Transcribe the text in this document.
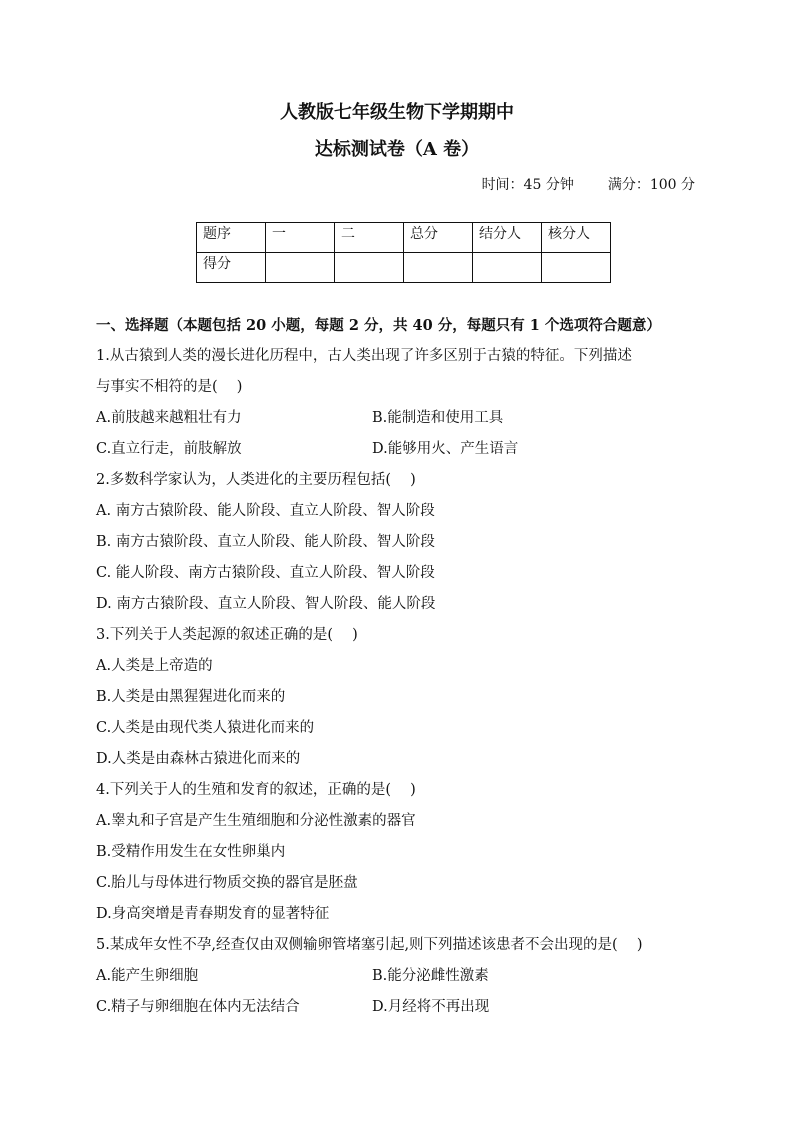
人教版七年级生物下学期期中
达标测试卷（A 卷）
时间：45 分钟 满分：100 分
题序	一	二	总分	结分人	核分人
得分					
一、选择题（本题包括 20 小题，每题 2 分，共 40 分，每题只有 1 个选项符合题意）
1.从古猿到人类的漫长进化历程中，古人类出现了许多区别于古猿的特征。下列描述
与事实不相符的是(　 )
A.前肢越来越粗壮有力	B.能制造和使用工具
C.直立行走，前肢解放	D.能够用火、产生语言
2.多数科学家认为，人类进化的主要历程包括(　 )
A. 南方古猿阶段、能人阶段、直立人阶段、智人阶段
B. 南方古猿阶段、直立人阶段、能人阶段、智人阶段
C. 能人阶段、南方古猿阶段、直立人阶段、智人阶段
D. 南方古猿阶段、直立人阶段、智人阶段、能人阶段
3.下列关于人类起源的叙述正确的是(　 )
A.人类是上帝造的
B.人类是由黑猩猩进化而来的
C.人类是由现代类人猿进化而来的
D.人类是由森林古猿进化而来的
4.下列关于人的生殖和发育的叙述，正确的是(　 )
A.睾丸和子宫是产生生殖细胞和分泌性激素的器官
B.受精作用发生在女性卵巢内
C.胎儿与母体进行物质交换的器官是胚盘
D.身高突增是青春期发育的显著特征
5.某成年女性不孕,经查仅由双侧输卵管堵塞引起,则下列描述该患者不会出现的是(　 )
A.能产生卵细胞	B.能分泌雌性激素
C.精子与卵细胞在体内无法结合	D.月经将不再出现
